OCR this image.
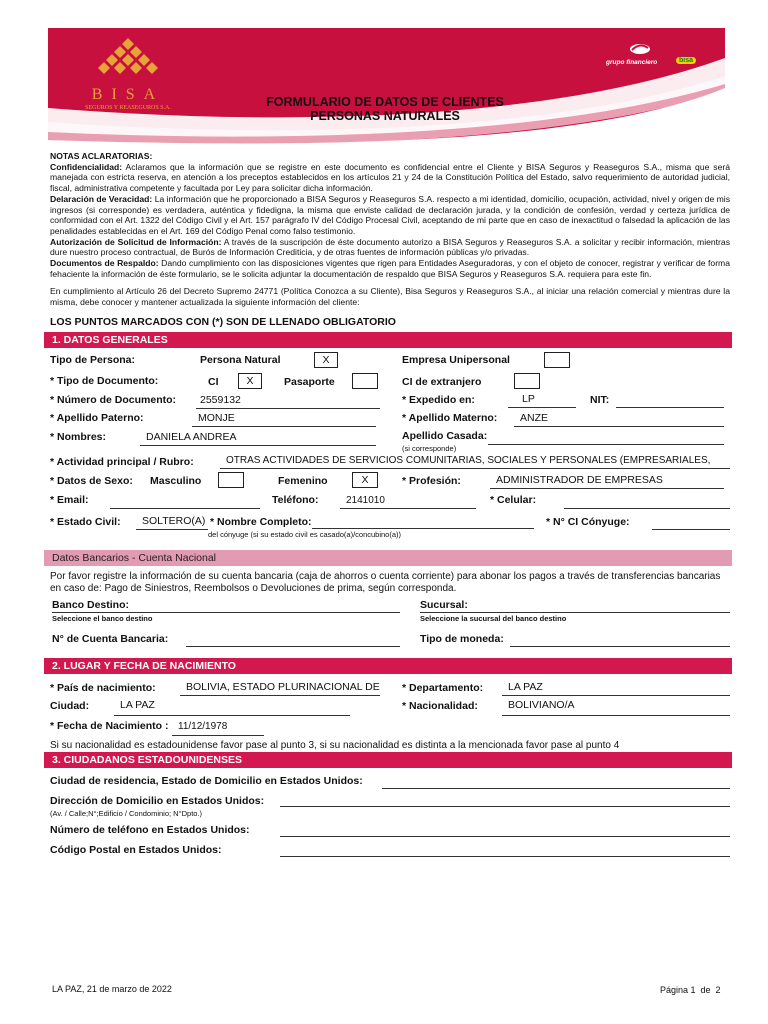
BISA
SEGUROS Y REASEGUROS S.A.
grupo financiero	bisa
FORMULARIO DE DATOS DE CLIENTES
PERSONAS NATURALES
NOTAS ACLARATORIAS:
Confidencialidad: Aclaramos que la información que se registre en este documento es confidencial entre el Cliente y BISA Seguros y Reaseguros S.A., misma que será manejada con estricta reserva, en atención a los preceptos establecidos en los artículos 21 y 24 de la Constitución Política del Estado, salvo requerimiento de autoridad judicial, fiscal, administrativa competente y facultada por Ley para solicitar dicha información.
Delaración de Veracidad: La información que he proporcionado a BISA Seguros y Reaseguros S.A. respecto a mi identidad, domicilio, ocupación, actividad, nivel y origen de mis ingresos (si corresponde) es verdadera, auténtica y fidedigna, la misma que enviste calidad de declaración jurada, y la condición de confesión, verdad y certeza jurídica de conformidad con el Art. 1322 del Código Civil y el Art. 157 parágrafo IV del Código Procesal Civil, aceptando de mi parte que en caso de inexactitud o falsedad la aplicación de las penalidades establecidas en el Art. 169 del Código Penal como falso testimonio.
Autorización de Solicitud de Información: A través de la suscripción de éste documento autorizo a BISA Seguros y Reaseguros S.A. a solicitar y recibir información, mientras dure nuestro proceso contractual, de Burós de Información Crediticia, y de otras fuentes de información públicas y/o privadas.
Documentos de Respaldo: Dando cumplimiento con las disposiciones vigentes que rigen para Entidades Aseguradoras, y con el objeto de conocer, registrar y verificar de forma fehaciente la información de éste formulario, se le solicita adjuntar la documentación de respaldo que BISA Seguros y Reaseguros S.A. requiera para este fin.
En cumplimiento al Artículo 26 del Decreto Supremo 24771 (Política Conozca a su Cliente), Bisa Seguros y Reaseguros S.A., al iniciar una relación comercial y mientras dure la misma, debe conocer y mantener actualizada la siguiente información del cliente:
LOS PUNTOS MARCADOS CON (*) SON DE LLENADO OBLIGATORIO
1. DATOS GENERALES
Tipo de Persona:	Persona Natural	X	Empresa Unipersonal
* Tipo de Documento:	CI	X	Pasaporte	CI de extranjero
* Número de Documento: 2559132	* Expedido en:	LP	NIT:
* Apellido Paterno:	MONJE	* Apellido Materno: ANZE
* Nombres:	DANIELA ANDREA	Apellido Casada:
(si corresponde)
* Actividad principal / Rubro:	OTRAS ACTIVIDADES DE SERVICIOS COMUNITARIAS, SOCIALES Y PERSONALES (EMPRESARIALES,
* Datos de Sexo: Masculino	Femenino	X	* Profesión:	ADMINISTRADOR DE EMPRESAS
* Email:	Teléfono:	2141010	* Celular:
* Estado Civil: SOLTERO(A) * Nombre Completo:
del cónyuge (si su estado civil es casado(a)/concubino(a))
* N° CI Cónyuge:
Datos Bancarios - Cuenta Nacional
Por favor registre la información de su cuenta bancaria (caja de ahorros o cuenta corriente) para abonar los pagos a través de transferencias bancarias en caso de: Pago de Siniestros, Reembolsos o Devoluciones de prima, según corresponda.
Banco Destino:
Seleccione el banco destino
Sucursal:
Seleccione la sucursal del banco destino
N° de Cuenta Bancaria:	Tipo de moneda:
2. LUGAR Y FECHA DE NACIMIENTO
* País de nacimiento:	BOLIVIA, ESTADO PLURINACIONAL DE * Departamento: LA PAZ
Ciudad:	LA PAZ	* Nacionalidad:	BOLIVIANO/A
* Fecha de Nacimiento : 11/12/1978
Si su nacionalidad es estadounidense favor pase al punto 3, si su nacionalidad es distinta a la mencionada favor pase al punto 4
3. CIUDADANOS ESTADOUNIDENSES
Ciudad de residencia, Estado de Domicilio en Estados Unidos:
Dirección de Domicilio en Estados Unidos:
(Av. / Calle;N°;Edificio / Condominio; N°Dpto.)
Número de teléfono en Estados Unidos:
Código Postal en Estados Unidos:
LA PAZ, 21 de marzo de 2022	Página 1  de  2
